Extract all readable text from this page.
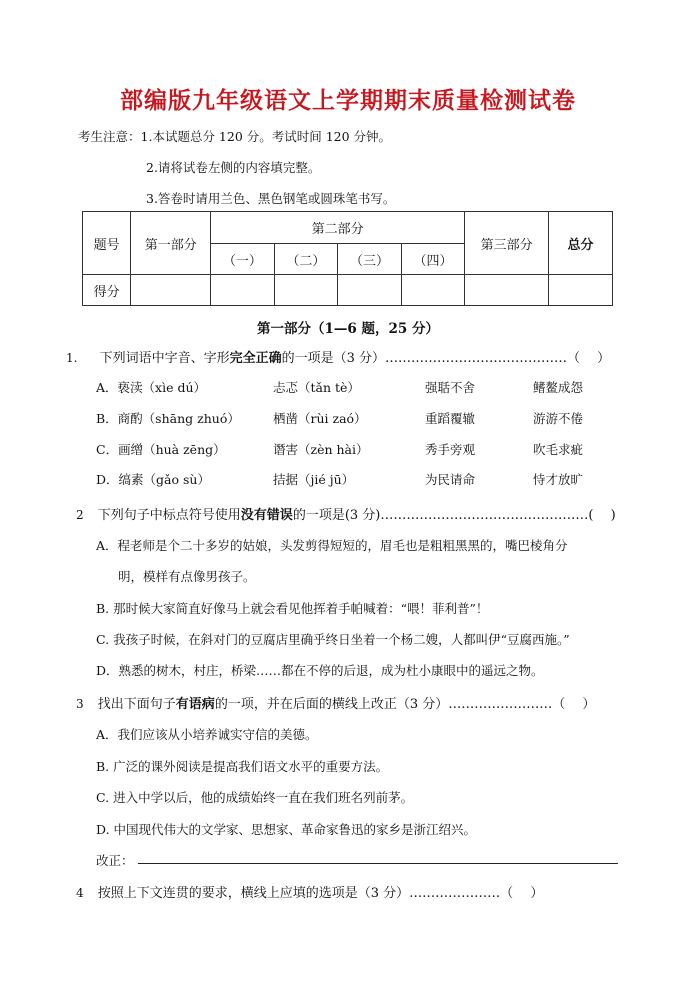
部编版九年级语文上学期期末质量检测试卷
考生注意：1.本试题总分 120 分。考试时间 120 分钟。
2.请将试卷左侧的内容填完整。
3.答卷时请用兰色、黑色钢笔或圆珠笔书写。
题号	第一部分	第二部分				第三部分	总分
		（一）	（二）	（三）	（四）		
得分							
第一部分（1—6 题，25 分）
1. 下列词语中字音、字形完全正确的一项是（3 分）……………………………………（　 ）
A．亵渎（xìe dú）	忐忑（tǎn tè）	强聒不舍	鳍鳌成怨
B．商酌（shāng zhuó）	栖凿（rùi zaó）	重蹈覆辙	游游不倦
C．画缯（huà zēng）	谮害（zèn hài）	秀手旁观	吹毛求疵
D．缟素（gǎo sù）	拮据（jié jū）	为民请命	恃才放旷
2 下列句子中标点符号使用没有错误的一项是(3 分)…………………………………………(　 )
A．程老师是个二十多岁的姑娘，头发剪得短短的，眉毛也是粗粗黑黑的，嘴巴棱角分
明，模样有点像男孩子。
B. 那时候大家简直好像马上就会看见他挥着手帕喊着：“喂！菲利普”！
C. 我孩子时候，在斜对门的豆腐店里确乎终日坐着一个杨二嫂，人都叫伊“豆腐西施。”
D．熟悉的树木，村庄，桥梁……都在不停的后退，成为杜小康眼中的遥远之物。
3 找出下面句子有语病的一项，并在后面的横线上改正（3 分）……………………（　 ）
A．我们应该从小培养诚实守信的美德。
B. 广泛的课外阅读是提高我们语文水平的重要方法。
C. 进入中学以后，他的成绩始终一直在我们班名列前茅。
D. 中国现代伟大的文学家、思想家、革命家鲁迅的家乡是浙江绍兴。
改正：
4 按照上下文连贯的要求，横线上应填的选项是（3 分）…………………（　 ）
